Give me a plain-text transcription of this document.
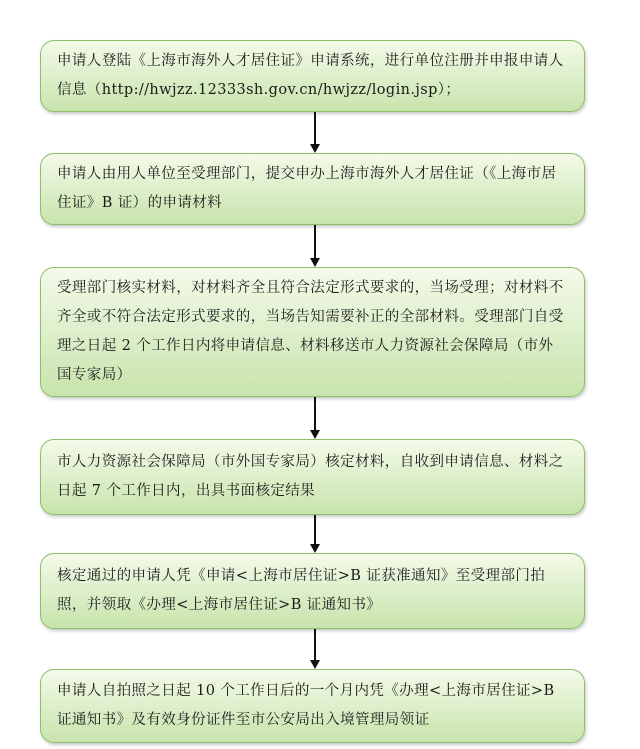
申请人登陆《上海市海外人才居住证》申请系统，进行单位注册并申报申请人信息（http://hwjzz.12333sh.gov.cn/hwjzz/login.jsp）；

申请人由用人单位至受理部门，提交申办上海市海外人才居住证（《上海市居住证》B 证）的申请材料

受理部门核实材料，对材料齐全且符合法定形式要求的，当场受理；对材料不齐全或不符合法定形式要求的，当场告知需要补正的全部材料。受理部门自受理之日起 2 个工作日内将申请信息、材料移送市人力资源社会保障局（市外国专家局）

市人力资源社会保障局（市外国专家局）核定材料，自收到申请信息、材料之日起 7 个工作日内，出具书面核定结果

核定通过的申请人凭《申请<上海市居住证>B 证获准通知》至受理部门拍照，并领取《办理<上海市居住证>B 证通知书》

申请人自拍照之日起 10 个工作日后的一个月内凭《办理<上海市居住证>B 证通知书》及有效身份证件至市公安局出入境管理局领证
